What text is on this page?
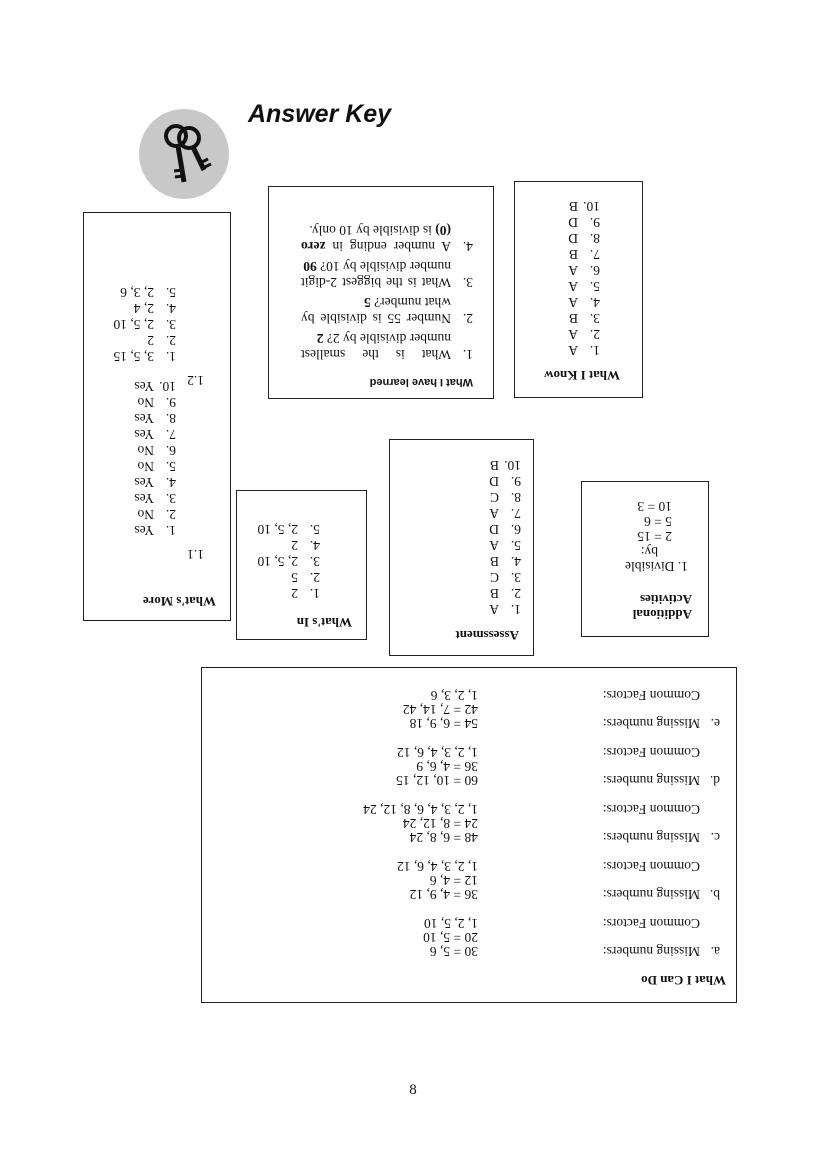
Answer Key
What I Know
1.
A
2.
A
3.
B
4.
A
5.
A
6.
A
7.
B
8.
D
9.
D
10.
B
What I have learned
1.
What is the smallest
number divisible by 2? 2
2.
Number 55 is divisible by
what number? 5
3.
What is the biggest 2-digit
number divisible by 10? 90
4.
A number ending in zero
(0) is divisible by 10 only.
What's More
1.1
1.
Yes
2.
No
3.
Yes
4.
Yes
5.
No
6.
No
7.
Yes
8.
Yes
9.
No
10.
Yes 1.2
1.
3, 5, 15
2.
2
3.
2, 5, 10
4.
2, 4
5.
2, 3, 6
What's In
1.
2
2.
5
3.
2, 5, 10
4.
2
5.
2, 5, 10
Assessment
1.
A
2.
B
3.
C
4.
B
5.
A
6.
D
7.
A
8.
C
9.
D
10.
B
Additional
Activities
1. Divisible
by:
2 = 15
5 = 6
10 = 3
What I Can Do
a.
Missing numbers:
30 = 5, 6
20 = 5, 10
Common Factors:
1, 2, 5, 10
b.
Missing numbers:
36 = 4, 9, 12
12 = 4, 6
Common Factors:
1, 2, 3, 4, 6, 12
c.
Missing numbers:
48 = 6, 8, 24
24 = 8, 12, 24
Common Factors:
1, 2, 3, 4, 6, 8, 12, 24
d.
Missing numbers:
60 = 10, 12, 15
36 = 4, 6, 9
Common Factors:
1, 2, 3, 4, 6, 12
e.
Missing numbers:
54 = 6, 9, 18
42 = 7, 14, 42
Common Factors:
1, 2, 3, 6
8
